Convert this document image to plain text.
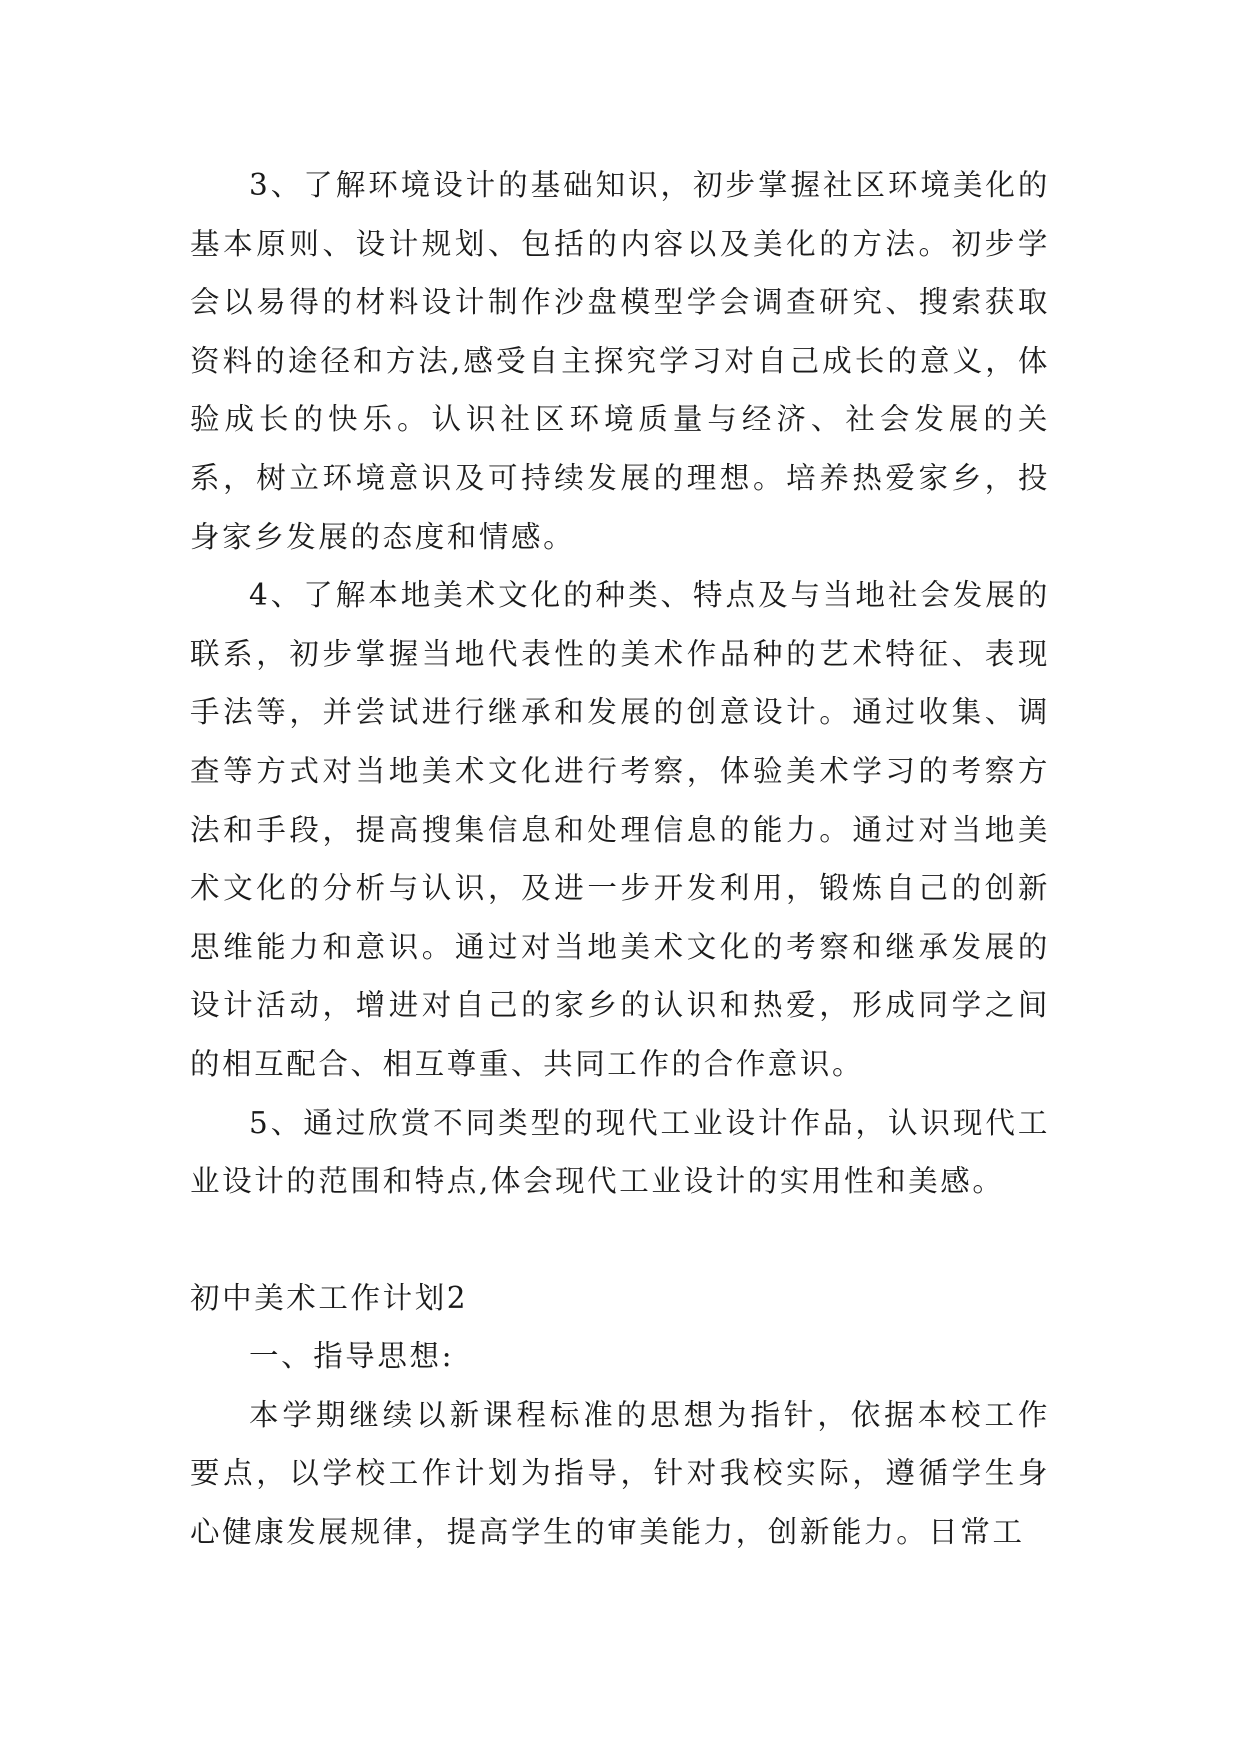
3、了解环境设计的基础知识，初步掌握社区环境美化的基本原则、设计规划、包括的内容以及美化的方法。初步学会以易得的材料设计制作沙盘模型学会调查研究、搜索获取资料的途径和方法,感受自主探究学习对自己成长的意义，体验成长的快乐。认识社区环境质量与经济、社会发展的关系，树立环境意识及可持续发展的理想。培养热爱家乡，投身家乡发展的态度和情感。

4、了解本地美术文化的种类、特点及与当地社会发展的联系，初步掌握当地代表性的美术作品种的艺术特征、表现手法等，并尝试进行继承和发展的创意设计。通过收集、调查等方式对当地美术文化进行考察，体验美术学习的考察方法和手段，提高搜集信息和处理信息的能力。通过对当地美术文化的分析与认识，及进一步开发利用，锻炼自己的创新思维能力和意识。通过对当地美术文化的考察和继承发展的设计活动，增进对自己的家乡的认识和热爱，形成同学之间的相互配合、相互尊重、共同工作的合作意识。

5、通过欣赏不同类型的现代工业设计作品，认识现代工业设计的范围和特点,体会现代工业设计的实用性和美感。

初中美术工作计划2

一、指导思想:

本学期继续以新课程标准的思想为指针，依据本校工作要点，以学校工作计划为指导，针对我校实际，遵循学生身心健康发展规律，提高学生的审美能力，创新能力。日常工
